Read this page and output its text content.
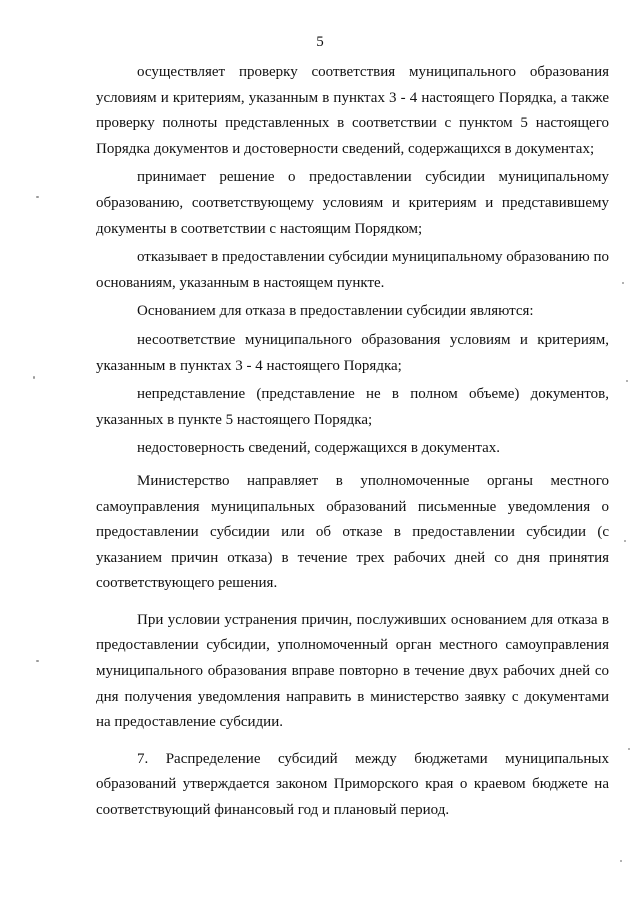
5

осуществляет проверку соответствия муниципального образования условиям и критериям, указанным в пунктах 3 - 4 настоящего Порядка, а также проверку полноты представленных в соответствии с пунктом 5 настоящего Порядка документов и достоверности сведений, содержащихся в документах;

принимает решение о предоставлении субсидии муниципальному образованию, соответствующему условиям и критериям и представившему документы в соответствии с настоящим Порядком;

отказывает в предоставлении субсидии муниципальному образованию по основаниям, указанным в настоящем пункте.

Основанием для отказа в предоставлении субсидии являются:

несоответствие муниципального образования условиям и критериям, указанным в пунктах 3 - 4 настоящего Порядка;

непредставление (представление не в полном объеме) документов, указанных в пункте 5 настоящего Порядка;

недостоверность сведений, содержащихся в документах.

Министерство направляет в уполномоченные органы местного самоуправления муниципальных образований письменные уведомления о предоставлении субсидии или об отказе в предоставлении субсидии (с указанием причин отказа) в течение трех рабочих дней со дня принятия соответствующего решения.

При условии устранения причин, послуживших основанием для отказа в предоставлении субсидии, уполномоченный орган местного самоуправления муниципального образования вправе повторно в течение двух рабочих дней со дня получения уведомления направить в министерство заявку с документами на предоставление субсидии.

7. Распределение субсидий между бюджетами муниципальных образований утверждается законом Приморского края о краевом бюджете на соответствующий финансовый год и плановый период.
